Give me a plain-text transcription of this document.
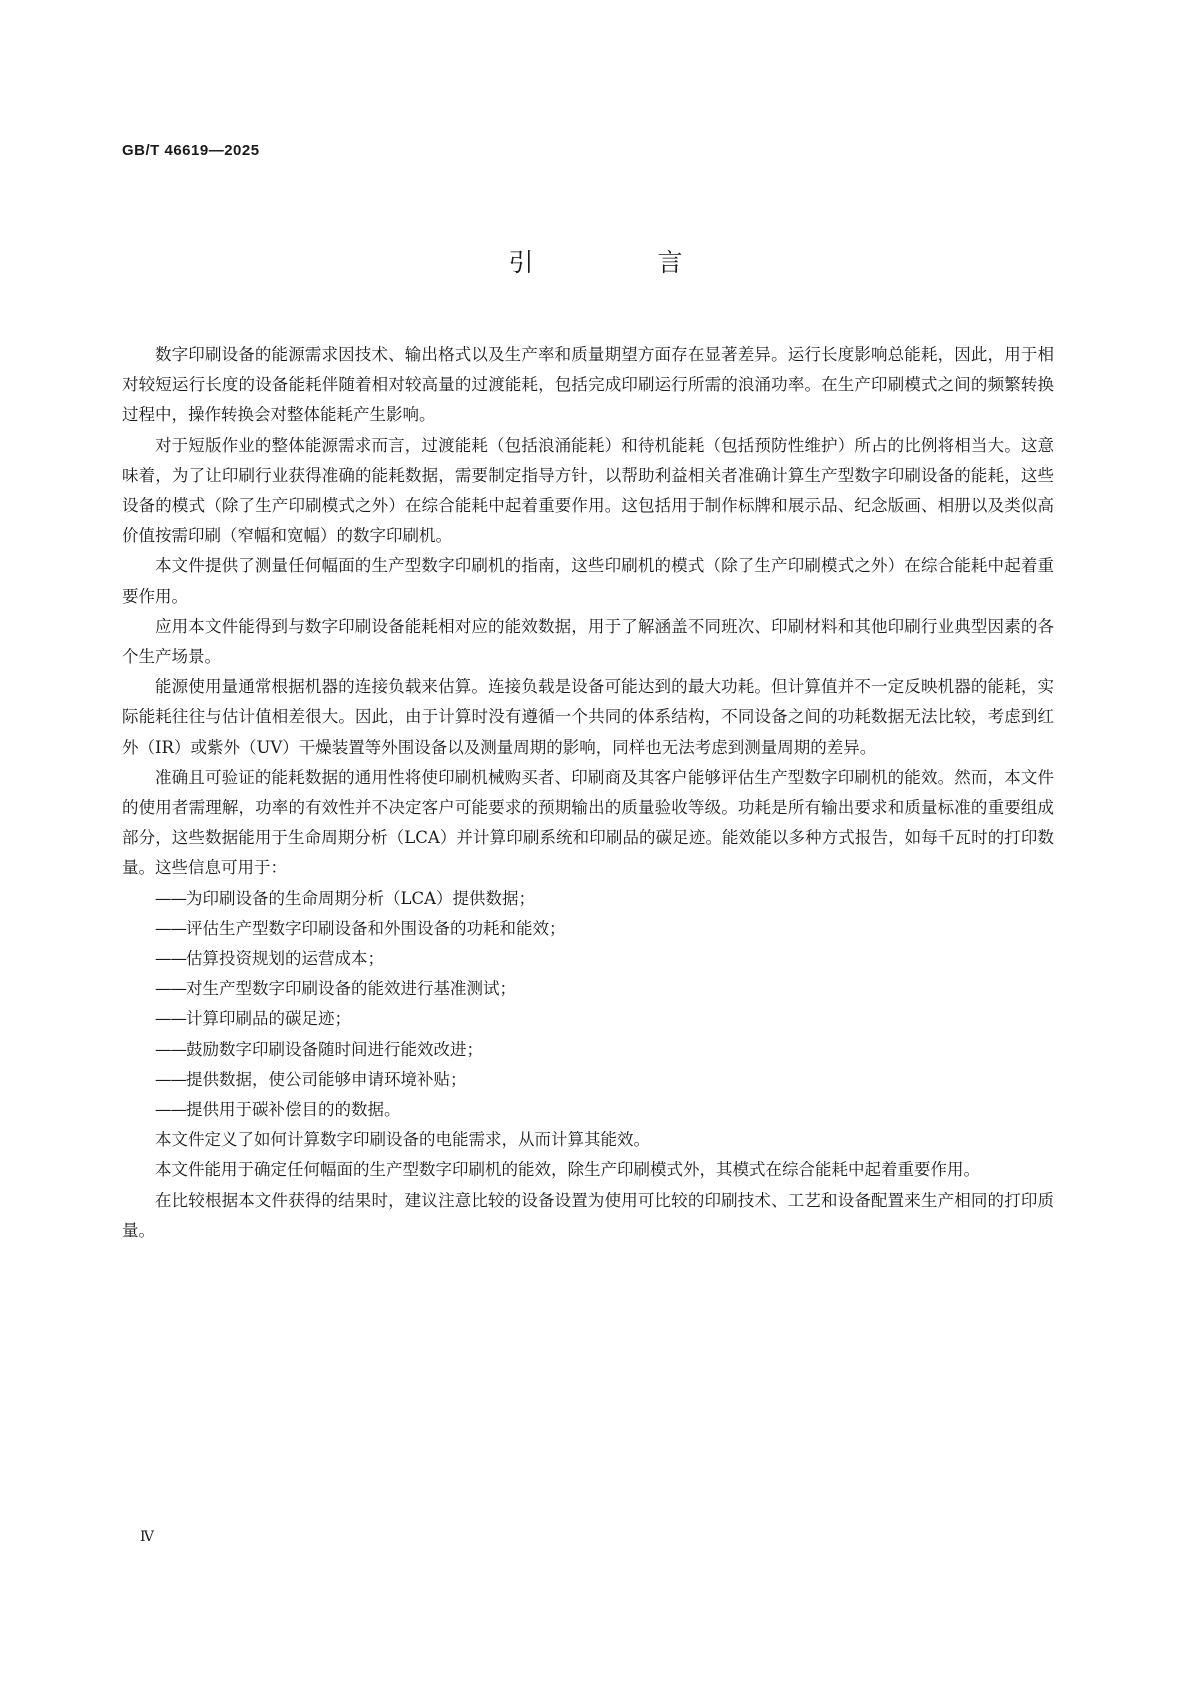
GB/T 46619—2025
引 言

数字印刷设备的能源需求因技术、输出格式以及生产率和质量期望方面存在显著差异。运行长度影响总能耗，因此，用于相对较短运行长度的设备能耗伴随着相对较高量的过渡能耗，包括完成印刷运行所需的浪涌功率。在生产印刷模式之间的频繁转换过程中，操作转换会对整体能耗产生影响。

对于短版作业的整体能源需求而言，过渡能耗（包括浪涌能耗）和待机能耗（包括预防性维护）所占的比例将相当大。这意味着，为了让印刷行业获得准确的能耗数据，需要制定指导方针，以帮助利益相关者准确计算生产型数字印刷设备的能耗，这些设备的模式（除了生产印刷模式之外）在综合能耗中起着重要作用。这包括用于制作标牌和展示品、纪念版画、相册以及类似高价值按需印刷（窄幅和宽幅）的数字印刷机。

本文件提供了测量任何幅面的生产型数字印刷机的指南，这些印刷机的模式（除了生产印刷模式之外）在综合能耗中起着重要作用。

应用本文件能得到与数字印刷设备能耗相对应的能效数据，用于了解涵盖不同班次、印刷材料和其他印刷行业典型因素的各个生产场景。

能源使用量通常根据机器的连接负载来估算。连接负载是设备可能达到的最大功耗。但计算值并不一定反映机器的能耗，实际能耗往往与估计值相差很大。因此，由于计算时没有遵循一个共同的体系结构，不同设备之间的功耗数据无法比较，考虑到红外（IR）或紫外（UV）干燥装置等外围设备以及测量周期的影响，同样也无法考虑到测量周期的差异。

准确且可验证的能耗数据的通用性将使印刷机械购买者、印刷商及其客户能够评估生产型数字印刷机的能效。然而，本文件的使用者需理解，功率的有效性并不决定客户可能要求的预期输出的质量验收等级。功耗是所有输出要求和质量标准的重要组成部分，这些数据能用于生命周期分析（LCA）并计算印刷系统和印刷品的碳足迹。能效能以多种方式报告，如每千瓦时的打印数量。这些信息可用于：

—— 为印刷设备的生命周期分析（LCA）提供数据；
—— 评估生产型数字印刷设备和外围设备的功耗和能效；
—— 估算投资规划的运营成本；
—— 对生产型数字印刷设备的能效进行基准测试；
—— 计算印刷品的碳足迹；
—— 鼓励数字印刷设备随时间进行能效改进；
—— 提供数据，使公司能够申请环境补贴；
—— 提供用于碳补偿目的的数据。

本文件定义了如何计算数字印刷设备的电能需求，从而计算其能效。

本文件能用于确定任何幅面的生产型数字印刷机的能效，除生产印刷模式外，其模式在综合能耗中起着重要作用。

在比较根据本文件获得的结果时，建议注意比较的设备设置为使用可比较的印刷技术、工艺和设备配置来生产相同的打印质量。

Ⅳ
